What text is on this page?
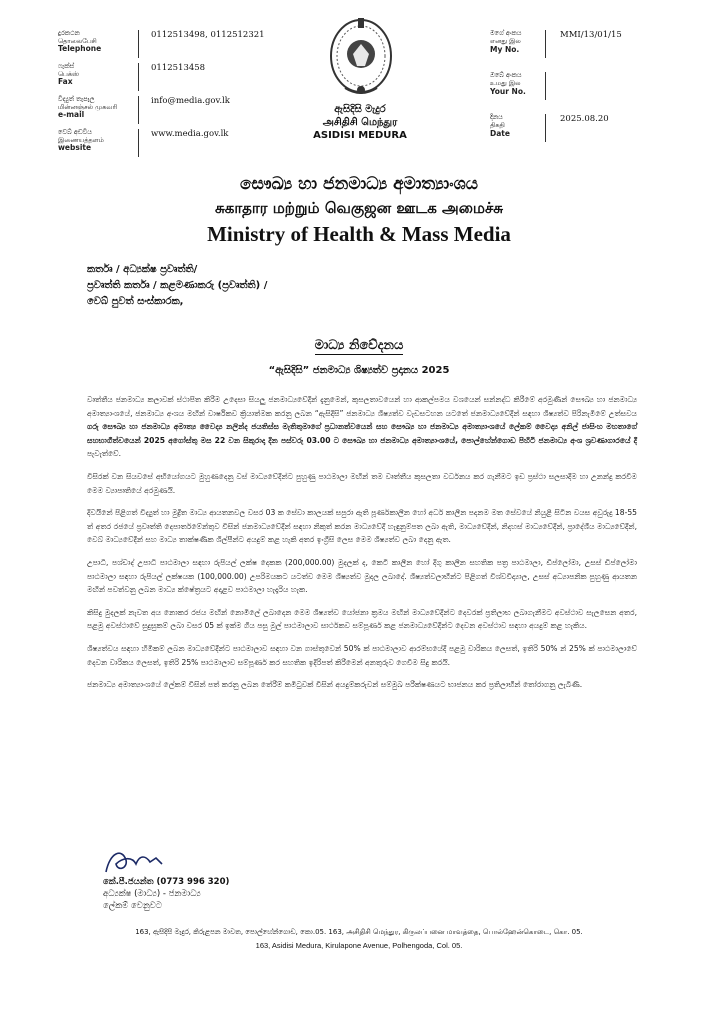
දුරකථන
தொலைபேசி
Telephone
0112513498, 0112512321
ෆැක්ස්
பெக்ஸ்
Fax
0112513458
විද්‍යුත් තැපෑල
மின்னஞ்சல் முகவரி
e-mail
info@media.gov.lk
වෙබ් අඩවිය
இணையத்தளம்
website
www.media.gov.lk
ඇසිදිසි මැදුර
அசிதிசி மெந்துர
ASIDISI MEDURA
මගේ අංකය
எனது இல
My No.
MMI/13/01/15
ඔබේ අංකය
உமது இல
Your No.
දිනය
திகதி
Date
2025.08.20
සෞඛ්‍ය හා ජනමාධ්‍ය අමාත්‍යාංශය
சுகாதார மற்றும் வெகுஜன ஊடக அமைச்சு
Ministry of Health & Mass Media
කර්තෘ / අධ්‍යක්ෂ ප්‍රවෘත්ති/
ප්‍රවෘත්ති කර්තෘ / කළමණාකරු (ප්‍රවෘත්ති) /
වෙබ් පුවත් සංස්කාරක,
මාධ්‍ය නිවේදනය
“ඇසිදිසි” ජනමාධ්‍ය ශිෂ්‍යත්ව ප්‍රදානය 2025

වෘත්තීය ජනමාධ්‍ය කලාවක් ස්ථාපිත කිරීම උදෙසා සියලු ජනමාධ්‍යවේදීන් දැනුමෙන්, කුසලතාවයෙන් හා ආකල්පමය වශයෙන් සන්නද්ධ කිරීමේ අරමුණින් සෞඛ්‍ය හා ජනමාධ්‍ය අමාත්‍යාංශයේ, ජනමාධ්‍ය අංශය මඟින් වාර්ෂිකව ක්‍රියාත්මක කරනු ලබන “ඇසිදිසි” ජනමාධ්‍ය ශිෂ්‍යත්ව වැඩසටහන යටතේ ජනමාධ්‍යවේදීන් සඳහා ශිෂ්‍යත්ව පිරිනැමීමේ උත්සවය ගරු සෞඛ්‍ය හා ජනමාධ්‍ය අමාත්‍ය වෛද්‍ය නලින්ද ජයතිස්ස මැතිතුමාගේ ප්‍රධානත්වයෙන් සහ සෞඛ්‍ය හා ජනමාධ්‍ය අමාත්‍යාංශයේ ලේකම් වෛද්‍ය අනිල් ජාසිංහ මහතාගේ සහභාගීත්වයෙන් 2025 අගෝස්තු මස 22 වන සිකුරාදා දින පස්වරු 03.00 ට සෞඛ්‍ය හා ජනමාධ්‍ය අමාත්‍යාංශයේ, පොල්හේන්ගොඩ පිහිටි ජනමාධ්‍ය අංශ ශ්‍රවණාගාරයේ දී පැවැත්වේ.

විසිරක් වන සියවසේ අභියෝගයට මුහුණදෙනු වස් මාධ්‍යවේදීන්ට පුහුණු පාඨමාලා මඟින් තම වෘත්තීය කුසලතා වර්ධනය කර ගැනීමට ඉඩ ප්‍රස්ථා සලසාදීම හා උනන්දු කරවීම මෙම ව්‍යාපෘතියේ අරමුණයි.

දිවයිනේ පිළිගත් විද්‍යුත් හා මුද්‍රිත මාධ්‍ය ආයතනවල වසර 03 ක සේවා කාලයක් සපුරා ඇති පූර්ණකාලීන හෝ අර්ධ කාලීන පදනම මත සේවයේ නියුළී සිටින වයස අවුරුදු 18-55 ත් අතර රජයේ ප්‍රවෘත්ති දෙපාර්තමේන්තුව විසින් ජනමාධ්‍යවේදීන් සඳහා නිකුත් කරන මාධ්‍යවේදී හැඳුනුම්පත ලබා ඇති, මාධ්‍යවේදීන්, නිදහස් මාධ්‍යවේදීන්, ප්‍රාදේශීය මාධ්‍යවේදීන්, වෙබ් මාධ්‍යවේදීන් සහ මාධ්‍ය තාක්ෂණික ශිල්පීන්ට අයදුම් කළ හැකි අතර ඉංග්‍රීසි ලෙස මෙම ශිෂ්‍යත්ව ලබා දෙනු ඇත.

උපාධි, පශ්චාද් උපාධි පාඨමාලා සඳහා රුපියල් ලක්ෂ දෙකක (200,000.00) මුදලක් ද, කෙටි කාලීන හෝ දිගු කාලීන සහතික පත්‍ර පාඨමාලා, ඩිප්ලෝමා, උසස් ඩිප්ලෝමා පාඨමාලා සඳහා රුපියල් ලක්ෂයක (100,000.00) උපරිමයකට යටත්ව මෙම ශිෂ්‍යත්ව මුදල ලබාදේ. ශිෂ්‍යත්වලාභීන්ට පිළිගත් විශ්වවිද්‍යාල, උසස් අධ්‍යාපනික පුහුණු ආයතන මඟින් පවත්වනු ලබන මාධ්‍ය ක්ෂේත්‍රයට අදාළව පාඨමාලා හැදෑරිය හැක.

කිසිදු මුදලක් නැවත අය නොකර රජය මඟින් නොමිලේ ලබාදෙන මෙම ශිෂ්‍යත්ව යෝජනා ක්‍රමය මඟින් මාධ්‍යවේදීන්ට දෙවරක් ප්‍රතිලාභ ලබාගැනීමට අවස්ථාව සැලසෙන අතර, පළමු අවස්ථාවේ සුදුසුකම් ලබා වසර 05 ක් ඉක්ම ගිය පසු මුල් පාඨමාලාව සාර්ථකව සම්පූර්ණ කළ ජනමාධ්‍යවේදීන්ට දෙවන අවස්ථාව සඳහා අයදුම් කළ හැකිය.

ශිෂ්‍යත්වය සඳහා හිමිකම් ලබන මාධ්‍යවේදීන්ට පාඨමාලාව සඳහා වන ගාස්තුවෙන් 50% ක් පාඨමාලාව ආරම්භයේදී පළමු වාරිකය ලෙසත්, ඉතිරි 50% න් 25% ක් පාඨමාලාවේ දෙවන වාරිකය ලෙසත්, ඉතිරි 25% පාඨමාලාව සම්පූර්ණ කර සහතික ඉදිරිපත් කිරීමෙන් අනතුරුව ගෙවීම සිදු කරයි.

ජනමාධ්‍ය අමාත්‍යාංශයේ ලේකම් විසින් පත් කරනු ලබන තේරීම් කමිටුවක් විසින් අයදුම්කරුවන් සම්මුඛ පරීක්ෂණයට භාජනය කර ප්‍රතිලාභීන් තෝරාගනු ලැබිණි.

කේ.පී.ජයන්ත (0773 996 320)
අධ්‍යක්ෂ (මාධ්‍ය) - ජනමාධ්‍ය
ලේකම් වෙනුවට
163, ඇසිදිසි මැදුර, කිරුළපන මාවත, පොල්හේන්ගොඩ, කො.05. 163, அசிதிசி மெந்துர, கிருலப்பனை மாவத்தை, பொல்ஹேன்கொடை, கொ. 05.
163, Asidisi Medura, Kirulapone Avenue, Polhengoda, Col. 05.
